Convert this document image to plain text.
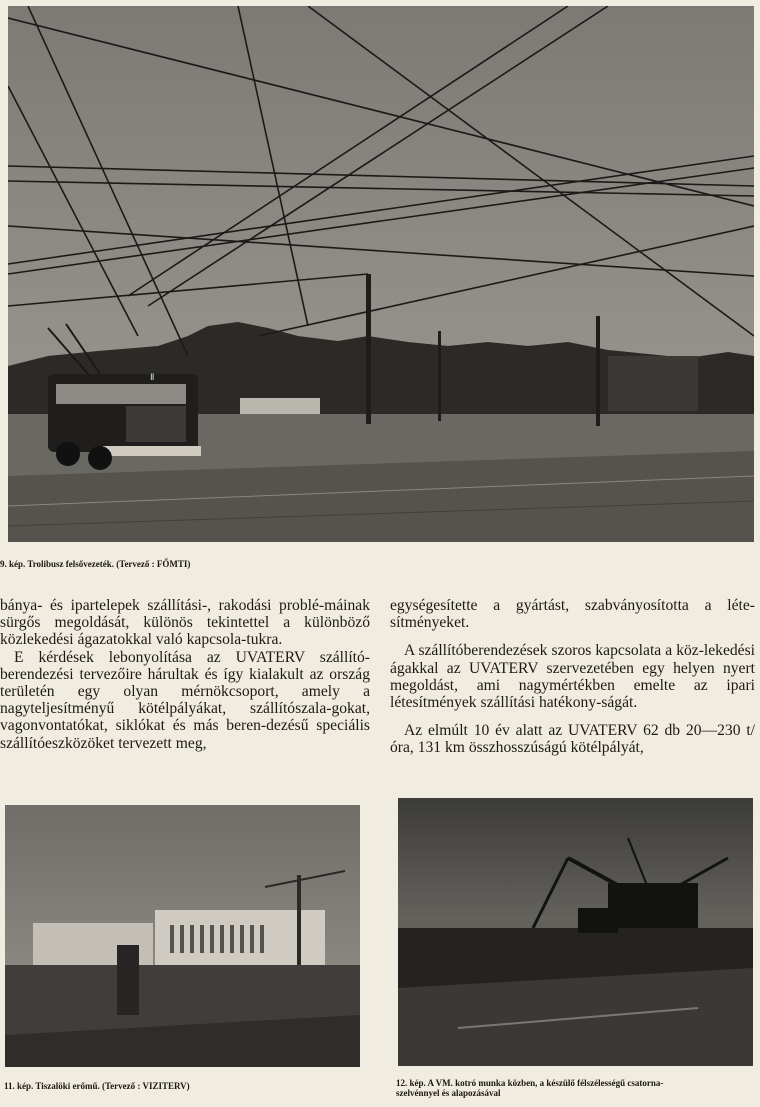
Ⅱ
9. kép. Trolibusz felsővezeték. (Tervező : FŐMTI)

bánya- és ipartelepek szállítási-, rakodási problé-máinak sürgős megoldását, különös tekintettel a különböző közlekedési ágazatokkal való kapcsola-tukra.

E kérdések lebonyolítása az UVATERV szállító-berendezési tervezőire hárultak és így kialakult az ország területén egy olyan mérnökcsoport, amely a nagyteljesítményű kötélpályákat, szállítószala-gokat, vagonvontatókat, siklókat és más beren-dezésű speciális szállítóeszközöket tervezett meg,

egységesítette a gyártást, szabványosította a léte-sítményeket.

A szállítóberendezések szoros kapcsolata a köz-lekedési ágakkal az UVATERV szervezetében egy helyen nyert megoldást, ami nagymértékben emelte az ipari létesítmények szállítási hatékony-ságát.

Az elmúlt 10 év alatt az UVATERV 62 db 20—230 t/óra, 131 km összhosszúságú kötélpályát,

11. kép. Tiszalöki erőmű. (Tervező : VIZITERV)	12. kép. A VM. kotró munka közben, a készülő félszélességű csatorna-
szelvénnyel és alapozásával
